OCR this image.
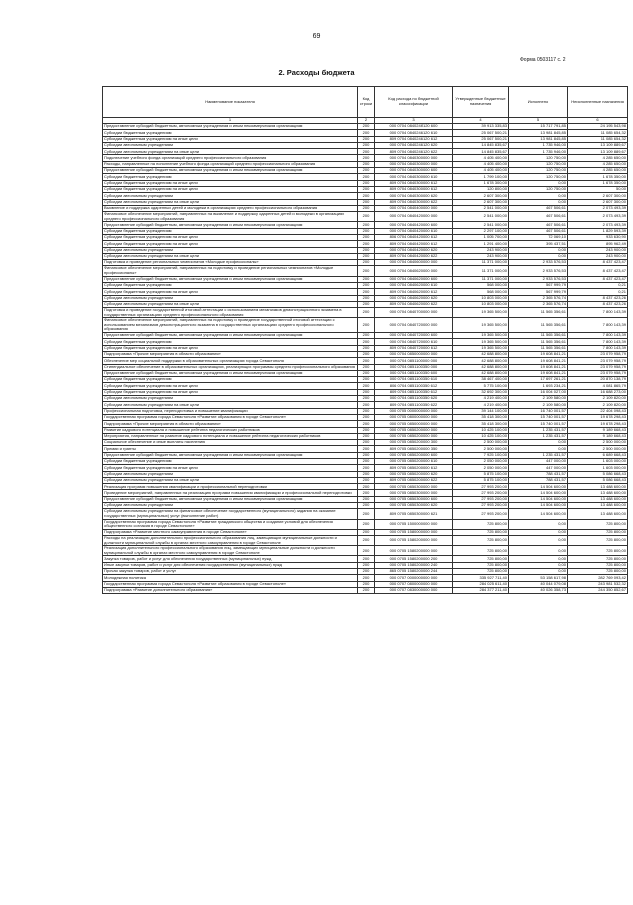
69
Форма 0503117 с. 2
2. Расходы бюджета
Наименование показателя	Код строки	Код расхода по бюджетной классификации	Утвержденные бюджетные назначения	Исполнено	Неисполненные назначения
1	2	3	4	5	6
Предоставление субсидий бюджетным, автономным учреждениям и иным некоммерческим организациям	200	000 0704 084024б120 600	39 913 335,83	15 717 791,85	24 195 543,98
Субсидии бюджетным учреждениям	200	000 0704 0840246120 610	25 067 500,21	13 981 845,85	11 085 654,32
Субсидии бюджетным учреждениям на иные цели	200	809 0704 0840246120 612	25 067 500,21	13 981 845,85	11 085 654,32
Субсидии автономным учреждениям	200	000 0704 0840246120 620	14 845 835,67	1 735 946,00	13 109 889,67
Субсидии автономным учреждениям на иные цели	200	809 0704 0840246120 622	14 845 835,67	1 735 946,00	13 109 889,67
Подключение учебного фонда организаций среднего профессионального образования	200	000 0704 0840300000 000	4 405 400,00	120 750,00	4 285 650,00
Расходы, направленные на пополнение учебного фонда организаций среднего профессионального образования	200	000 0704 0840300000 000	4 405 400,00	120 750,00	4 285 650,00
Предоставление субсидий бюджетным, автономным учреждениям и иным некоммерческим организациям	200	000 0704 0840300000 600	4 405 400,00	120 750,00	4 285 650,00
Субсидии бюджетным учреждениям	200	000 0704 0840300000 610	1 799 100,00	120 750,00	1 678 350,00
Субсидии бюджетным учреждениям на иные цели	200	809 0704 0840300000 612	1 678 300,00	0,00	1 678 350,00
Субсидии бюджетным учреждениям на иные цели	200	809 0704 0840300000 612	120 800,00	120 750,00	50,00
Субсидии автономным учреждениям	200	000 0704 0840300000 620	2 607 300,00	0,00	2 607 300,00
Субсидии автономным учреждениям на иные цели	200	809 0704 0840300000 622	2 607 300,00	0,00	2 607 300,00
Выявление и поддержка одаренных детей и молодежи в организациях среднего профессионального образования	200	000 0704 0840400000 000	2 541 000,00	467 506,61	2 073 493,39
Финансовое обеспечение мероприятий, направленных на выявление и поддержку одаренных детей и молодежи в организациях среднего профессионального образования	200	000 0704 0840420000 000	2 541 000,00	467 506,61	2 073 493,39
Предоставление субсидий бюджетным, автономным учреждениям и иным некоммерческим организациям	200	000 0704 0840420000 600	2 541 000,00	467 506,61	2 073 493,39
Субсидии бюджетным учреждениям	200	000 0704 0840420000 610	2 297 100,00	467 506,61	1 829 593,39
Субсидии бюджетным учреждениям на иные цели	200	806 0704 0840420000 612	1 005 700,00	72 069,10	933 630,90
Субсидии бюджетным учреждениям на иные цели	200	809 0704 0840420000 612	1 291 400,00	395 437,51	895 962,49
Субсидии автономным учреждениям	200	000 0704 0840420000 620	243 900,00	0,00	243 900,00
Субсидии автономным учреждениям на иные цели	200	809 0704 0840420000 622	243 900,00	0,00	243 900,00
Подготовка и проведение региональных чемпионатов «Молодые профессионалы»	200	000 0704 0840600000 000	11 371 000,00	2 933 576,53	8 437 423,47
Финансовое обеспечение мероприятий, направленных на подготовку и проведение региональных чемпионатов «Молодые профессионалы»	200	000 0704 0840620000 000	11 371 000,00	2 933 576,53	8 437 423,47
Предоставление субсидий бюджетным, автономным учреждениям и иным некоммерческим организациям	200	000 0704 0840620000 600	11 371 000,00	2 933 576,53	8 437 423,47
Субсидии бюджетным учреждениям	200	000 0704 0840620000 610	568 000,00	567 999,79	0,21
Субсидии бюджетным учреждениям на иные цели	200	809 0704 0840620000 612	568 000,00	567 999,79	0,21
Субсидии автономным учреждениям	200	000 0704 0840620000 620	10 803 000,00	2 365 576,74	8 437 423,26
Субсидии автономным учреждениям на иные цели	200	809 0704 0840620000 622	10 803 000,00	2 365 576,74	8 437 423,26
Подготовка и проведение государственной итоговой аттестации с использованием механизмов демонстрационного экзамена в государственных организациях среднего профессионального образования	200	000 0704 0840700000 000	19 365 500,00	11 565 356,61	7 800 143,39
Финансовое обеспечение мероприятий, направленных на подготовку и проведение государственной итоговой аттестации с использованием механизмов демонстрационного экзамена в государственных организациях среднего профессионального образования	200	000 0704 0840720000 000	19 365 500,00	11 565 356,61	7 800 143,39
Предоставление субсидий бюджетным, автономным учреждениям и иным некоммерческим организациям	200	000 0704 0840720000 600	19 365 500,00	11 565 356,61	7 800 143,39
Субсидии бюджетным учреждениям	200	000 0704 0840720000 610	19 365 500,00	11 565 356,61	7 800 143,39
Субсидии бюджетным учреждениям на иные цели	200	809 0704 0840720000 612	19 365 500,00	11 565 356,61	7 800 143,39
Подпрограмма «Прочие мероприятия в области образования»	200	000 0704 0850000000 000	42 688 800,00	19 608 841,21	23 079 958,79
Обеспечение мер социальной поддержки в образовательных организациях города Севастополя	200	000 0704 0851100000 000	42 688 800,00	19 608 841,21	23 079 958,79
Стипендиальное обеспечение в образовательных организациях, реализующих программы среднего профессионального образования	200	000 0704 0851100350 000	42 688 800,00	19 608 841,21	23 079 958,79
Предоставление субсидий бюджетным, автономным учреждениям и иным некоммерческим организациям	200	000 0704 0851100350 600	42 688 800,00	19 608 841,21	23 079 958,79
Субсидии бюджетным учреждениям	200	000 0704 0851100350 610	38 467 400,00	17 697 261,21	20 870 138,79
Субсидии бюджетным учреждениям на иные цели	200	806 0704 0851100350 612	5 775 100,00	1 693 234,21	4 081 865,79
Субсидии бюджетным учреждениям на иные цели	200	809 0704 0851100350 612	32 692 300,00	16 004 027,00	16 688 273,00
Субсидии автономным учреждениям	200	000 0704 0851100350 620	4 219 400,00	2 109 580,00	2 109 820,00
Субсидии автономным учреждениям на иные цели	200	809 0704 0851100350 622	4 219 400,00	2 109 580,00	2 109 820,00
Профессиональная подготовка, переподготовка и повышение квалификации	200	000 0705 0000000000 000	39 144 100,00	16 740 001,57	22 404 098,43
Государственная программа города Севастополя «Развитие образования в городе Севастополе»	200	000 0705 0800000000 000	35 418 300,00	15 740 001,57	19 678 298,43
Подпрограмма «Прочие мероприятия в области образования»	200	000 0705 0850000000 000	35 418 300,00	15 740 001,57	19 678 298,43
Развитие кадрового потенциала и повышение рейтинга педагогических работников	200	000 0705 0850200000 000	10 425 100,00	1 235 431,57	9 189 668,43
Мероприятия, направленные на развитие кадрового потенциала и повышение рейтинга педагогических работников	200	000 0705 0850200000 000	10 425 100,00	1 235 431,57	9 189 668,43
Социальное обеспечение и иные выплаты населению	200	000 0705 0850200000 300	2 500 000,00	0,00	2 500 000,00
Премии и гранты	200	809 0705 0850200000 350	2 500 000,00	0,00	2 500 000,00
Предоставление субсидий бюджетным, автономным учреждениям и иным некоммерческим организациям	200	000 0705 0850200000 600	7 925 100,00	1 235 431,57	6 689 668,43
Субсидии бюджетным учреждениям	200	000 0705 0850200000 610	2 050 000,00	447 000,00	1 603 000,00
Субсидии бюджетным учреждениям на иные цели	200	809 0705 0850200000 612	2 050 000,00	447 000,00	1 603 000,00
Субсидии автономным учреждениям	200	000 0705 0850200000 620	5 875 100,00	788 431,57	5 086 668,43
Субсидии автономным учреждениям на иные цели	200	809 0705 0850200000 622	5 875 100,00	788 431,57	5 086 668,43
Реализация программ повышения квалификации и профессиональной переподготовки	200	000 0705 0850300000 000	27 993 200,00	14 504 600,00	13 488 600,00
Проведение мероприятий, направленных на реализацию программ повышения квалификации и профессиональной переподготовки	200	000 0705 0850300000 000	27 993 200,00	14 504 600,00	13 488 600,00
Предоставление субсидий бюджетным, автономным учреждениям и иным некоммерческим организациям	200	000 0705 0850300000 600	27 993 200,00	14 504 600,00	13 488 600,00
Субсидии автономным учреждениям	200	000 0705 0850300000 620	27 993 200,00	14 504 600,00	13 488 600,00
Субсидии автономным учреждениям на финансовое обеспечение государственного (муниципального) задания на оказание государственных (муниципальных) услуг (выполнение работ)	200	809 0705 0850300000 621	27 993 200,00	14 504 600,00	13 488 600,00
Государственная программа города Севастополя «Развитие гражданского общества и создание условий для обеспечения общественного согласия в городе Севастополе»	200	000 0705 1500000000 000	725 800,00	0,00	725 800,00
Подпрограмма «Развитие местного самоуправления в городе Севастополе»	200	000 0705 1580000000 000	725 800,00	0,00	725 800,00
Расходы на реализацию дополнительного профессионального образования лиц, замещающих муниципальные должности и должности муниципальной службы в органах местного самоуправления в городе Севастополе	200	000 0705 1580200000 000	725 800,00	0,00	725 800,00
Реализация дополнительного профессионального образования лиц, замещающих муниципальные должности и должности муниципальной службы в органах местного самоуправления в городе Севастополе	200	000 0705 1580200000 000	725 800,00	0,00	725 800,00
Закупка товаров, работ и услуг для обеспечения государственных (муниципальных) нужд	200	000 0705 1580200000 200	725 800,00	0,00	725 800,00
Иные закупки товаров, работ и услуг для обеспечения государственных (муниципальных) нужд	200	000 0705 1580200000 240	725 800,00	0,00	725 800,00
Прочая закупка товаров, работ и услуг	200	865 0705 1580200000 244	725 800,00	0,00	725 800,00
Молодежная политика	200	000 0707 0000000000 000	335 927 711,40	53 158 617,98	282 769 093,42
Государственная программа города Севастополя «Развитие образования в городе Севастополе»	200	000 0707 0800000000 000	284 025 611,40	40 044 079,08	243 981 532,32
Подпрограмма «Развитие дополнительного образования»	200	000 0707 0830000000 000	284 377 211,40	40 026 358,73	244 350 852,67
